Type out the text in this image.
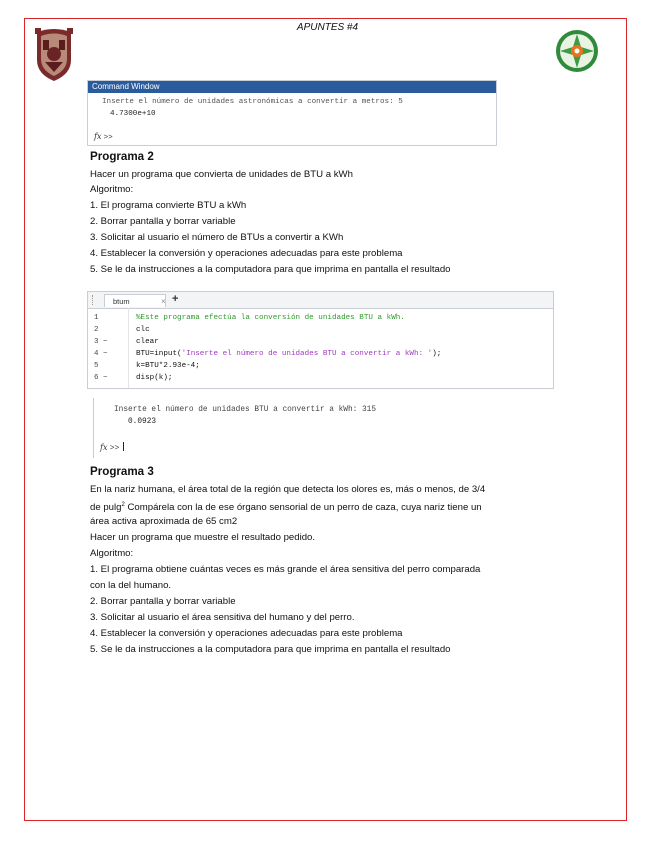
APUNTES #4
Command Window
Inserte el número de unidades astronómicas a convertir a metros: 5
4.7300e+10
fx >>
Programa 2
Hacer un programa que convierta de unidades de BTU a kWh
Algoritmo:
1. El programa convierte BTU a kWh
2. Borrar pantalla y borrar variable
3. Solicitar al usuario el número de BTUs a convertir a KWh
4. Establecer la conversión y operaciones adecuadas para este problema
5. Se le da instrucciones a la computadora para que imprima en pantalla el resultado
btum	× +
1
2
3 −
4 −
5
6 −
%Este programa efectúa la conversión de unidades BTU a kWh.
clc
clear
BTU=input('Inserte el número de unidades BTU a convertir a kWh: ');
k=BTU*2.93e-4;
disp(k);
Inserte el número de unidades BTU a convertir a kWh: 315
0.0923
fx >>
Programa 3
En la nariz humana, el área total de la región que detecta los olores es, más o menos, de 3/4
de pulg$^2$ Compárela con la de ese órgano sensorial de un perro de caza, cuya nariz tiene un
área activa aproximada de 65 cm2
Hacer un programa que muestre el resultado pedido.
Algoritmo:
1. El programa obtiene cuántas veces es más grande el área sensitiva del perro comparada
con la del humano.
2. Borrar pantalla y borrar variable
3. Solicitar al usuario el área sensitiva del humano y del perro.
4. Establecer la conversión y operaciones adecuadas para este problema
5. Se le da instrucciones a la computadora para que imprima en pantalla el resultado
